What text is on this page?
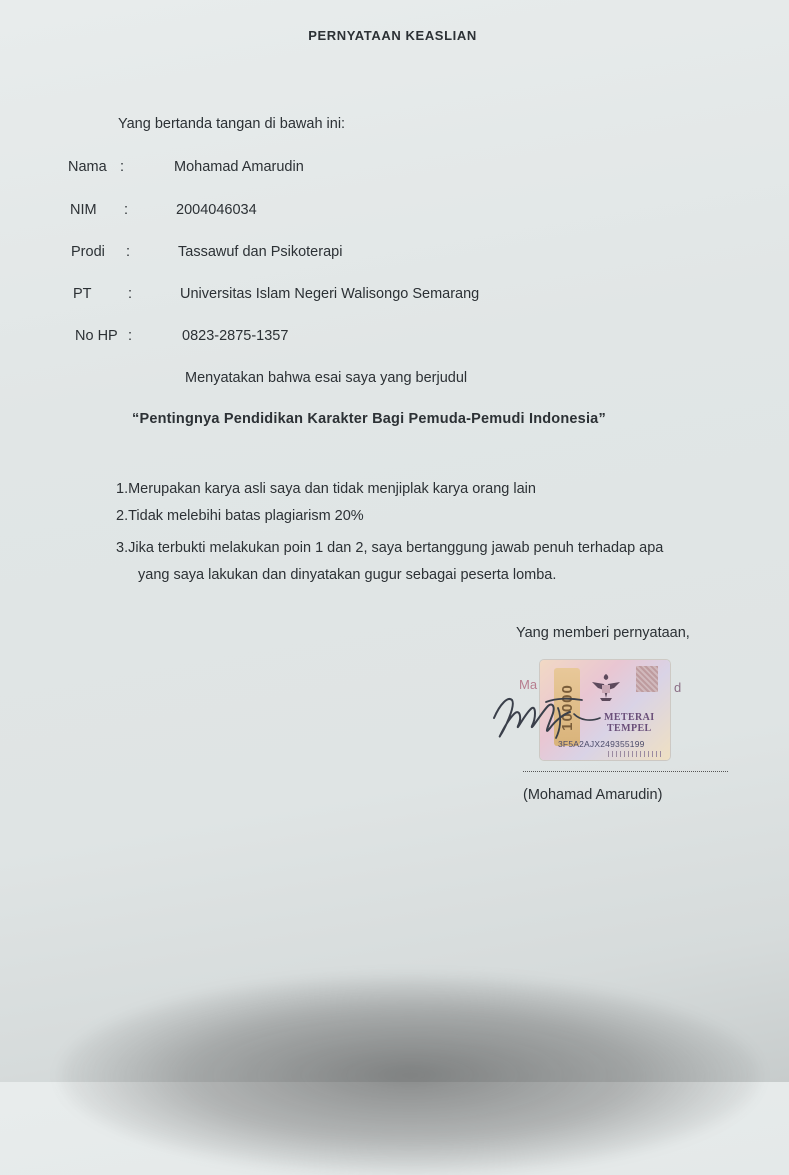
PERNYATAAN KEASLIAN
Yang bertanda tangan di bawah ini:
Nama :	Mohamad Amarudin
NIM :	2004046034
Prodi :	Tassawuf dan Psikoterapi
PT	:	Universitas Islam Negeri Walisongo Semarang
No HP :	0823-2875-1357
Menyatakan bahwa esai saya yang berjudul
“Pentingnya Pendidikan Karakter Bagi Pemuda-Pemudi Indonesia”
1.Merupakan karya asli saya dan tidak menjiplak karya orang lain
2.Tidak melebihi batas plagiarism 20%
3.Jika terbukti melakukan poin 1 dan 2, saya bertanggung jawab penuh terhadap apa
yang saya lakukan dan dinyatakan gugur sebagai peserta lomba.
Yang memberi pernyataan,
10000	METERAI
TEMPEL
3F5A2AJX249355199
Ma	d
(Mohamad Amarudin)
